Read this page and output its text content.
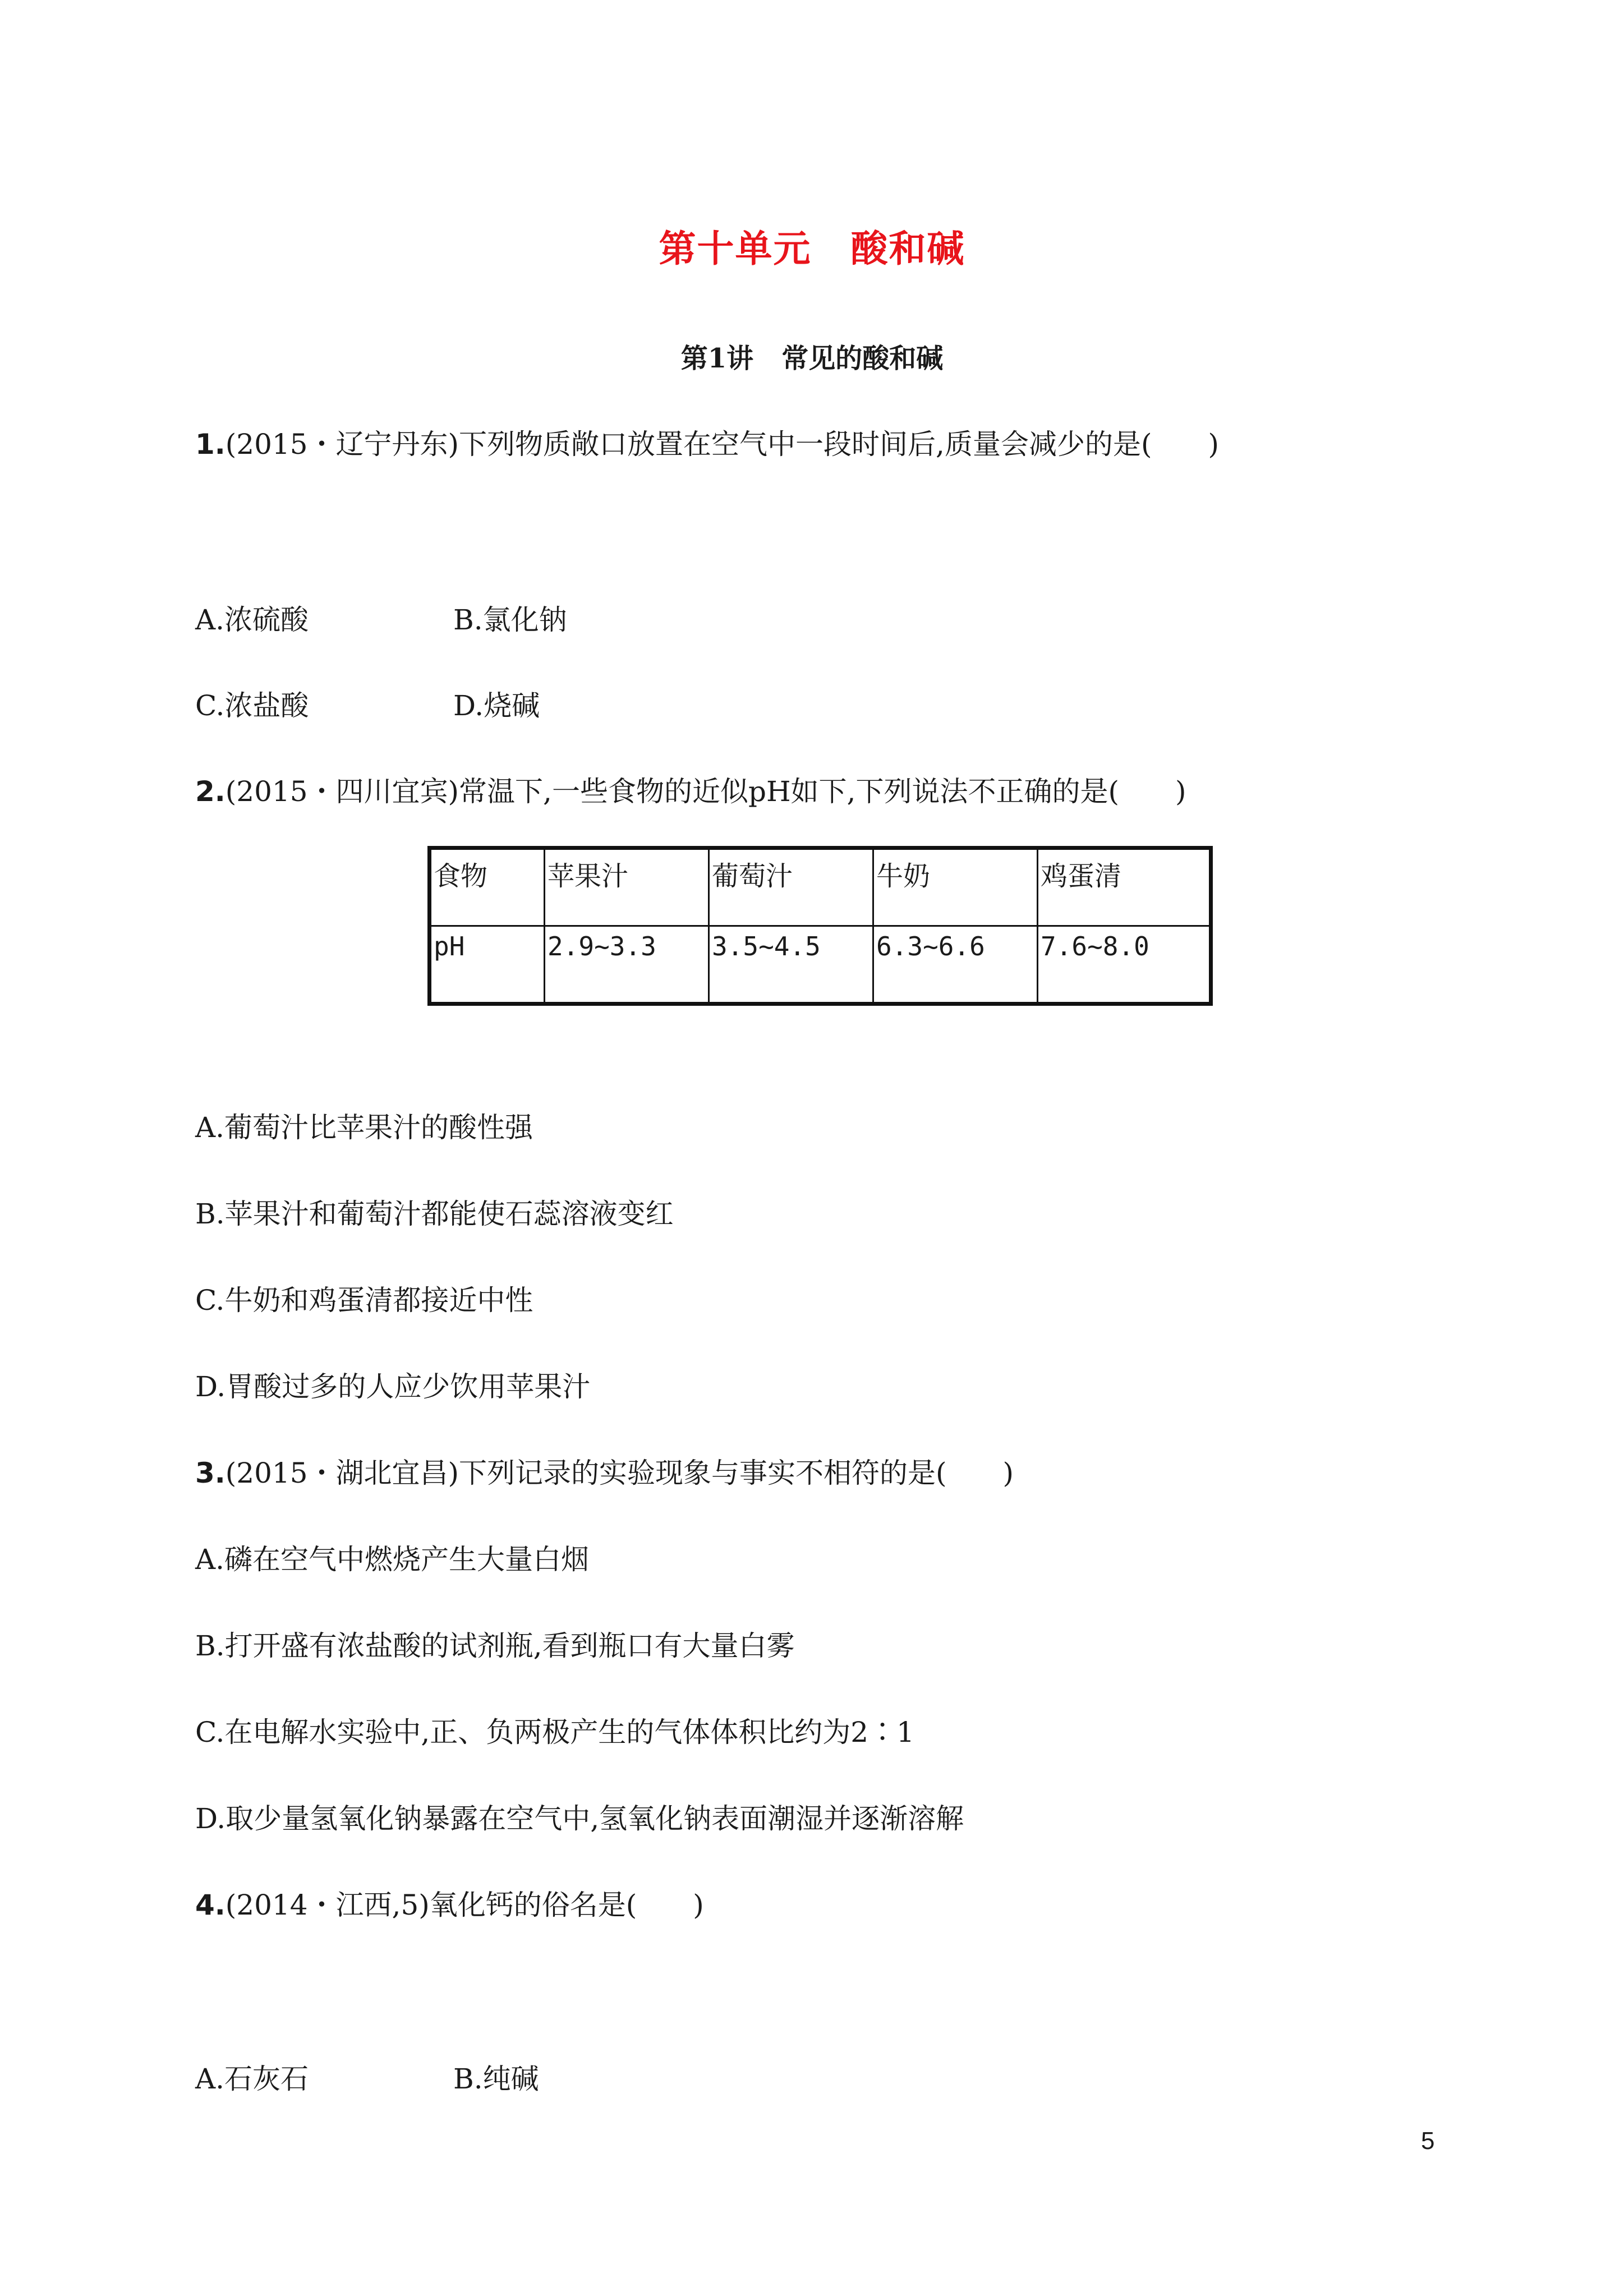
第十单元 酸和碱
第1讲 常见的酸和碱
1.(2015・辽宁丹东)下列物质敞口放置在空气中一段时间后,质量会减少的是(　　)
A.浓硫酸	B.氯化钠
C.浓盐酸	D.烧碱
2.(2015・四川宜宾)常温下,一些食物的近似pH如下,下列说法不正确的是(　　)
食物	苹果汁	葡萄汁	牛奶	鸡蛋清
pH	2.9~3.3	3.5~4.5	6.3~6.6	7.6~8.0
A.葡萄汁比苹果汁的酸性强
B.苹果汁和葡萄汁都能使石蕊溶液变红
C.牛奶和鸡蛋清都接近中性
D.胃酸过多的人应少饮用苹果汁
3.(2015・湖北宜昌)下列记录的实验现象与事实不相符的是(　　)
A.磷在空气中燃烧产生大量白烟
B.打开盛有浓盐酸的试剂瓶,看到瓶口有大量白雾
C.在电解水实验中,正、负两极产生的气体体积比约为2∶1
D.取少量氢氧化钠暴露在空气中,氢氧化钠表面潮湿并逐渐溶解
4.(2014・江西,5)氧化钙的俗名是(　　)
A.石灰石	B.纯碱
5
